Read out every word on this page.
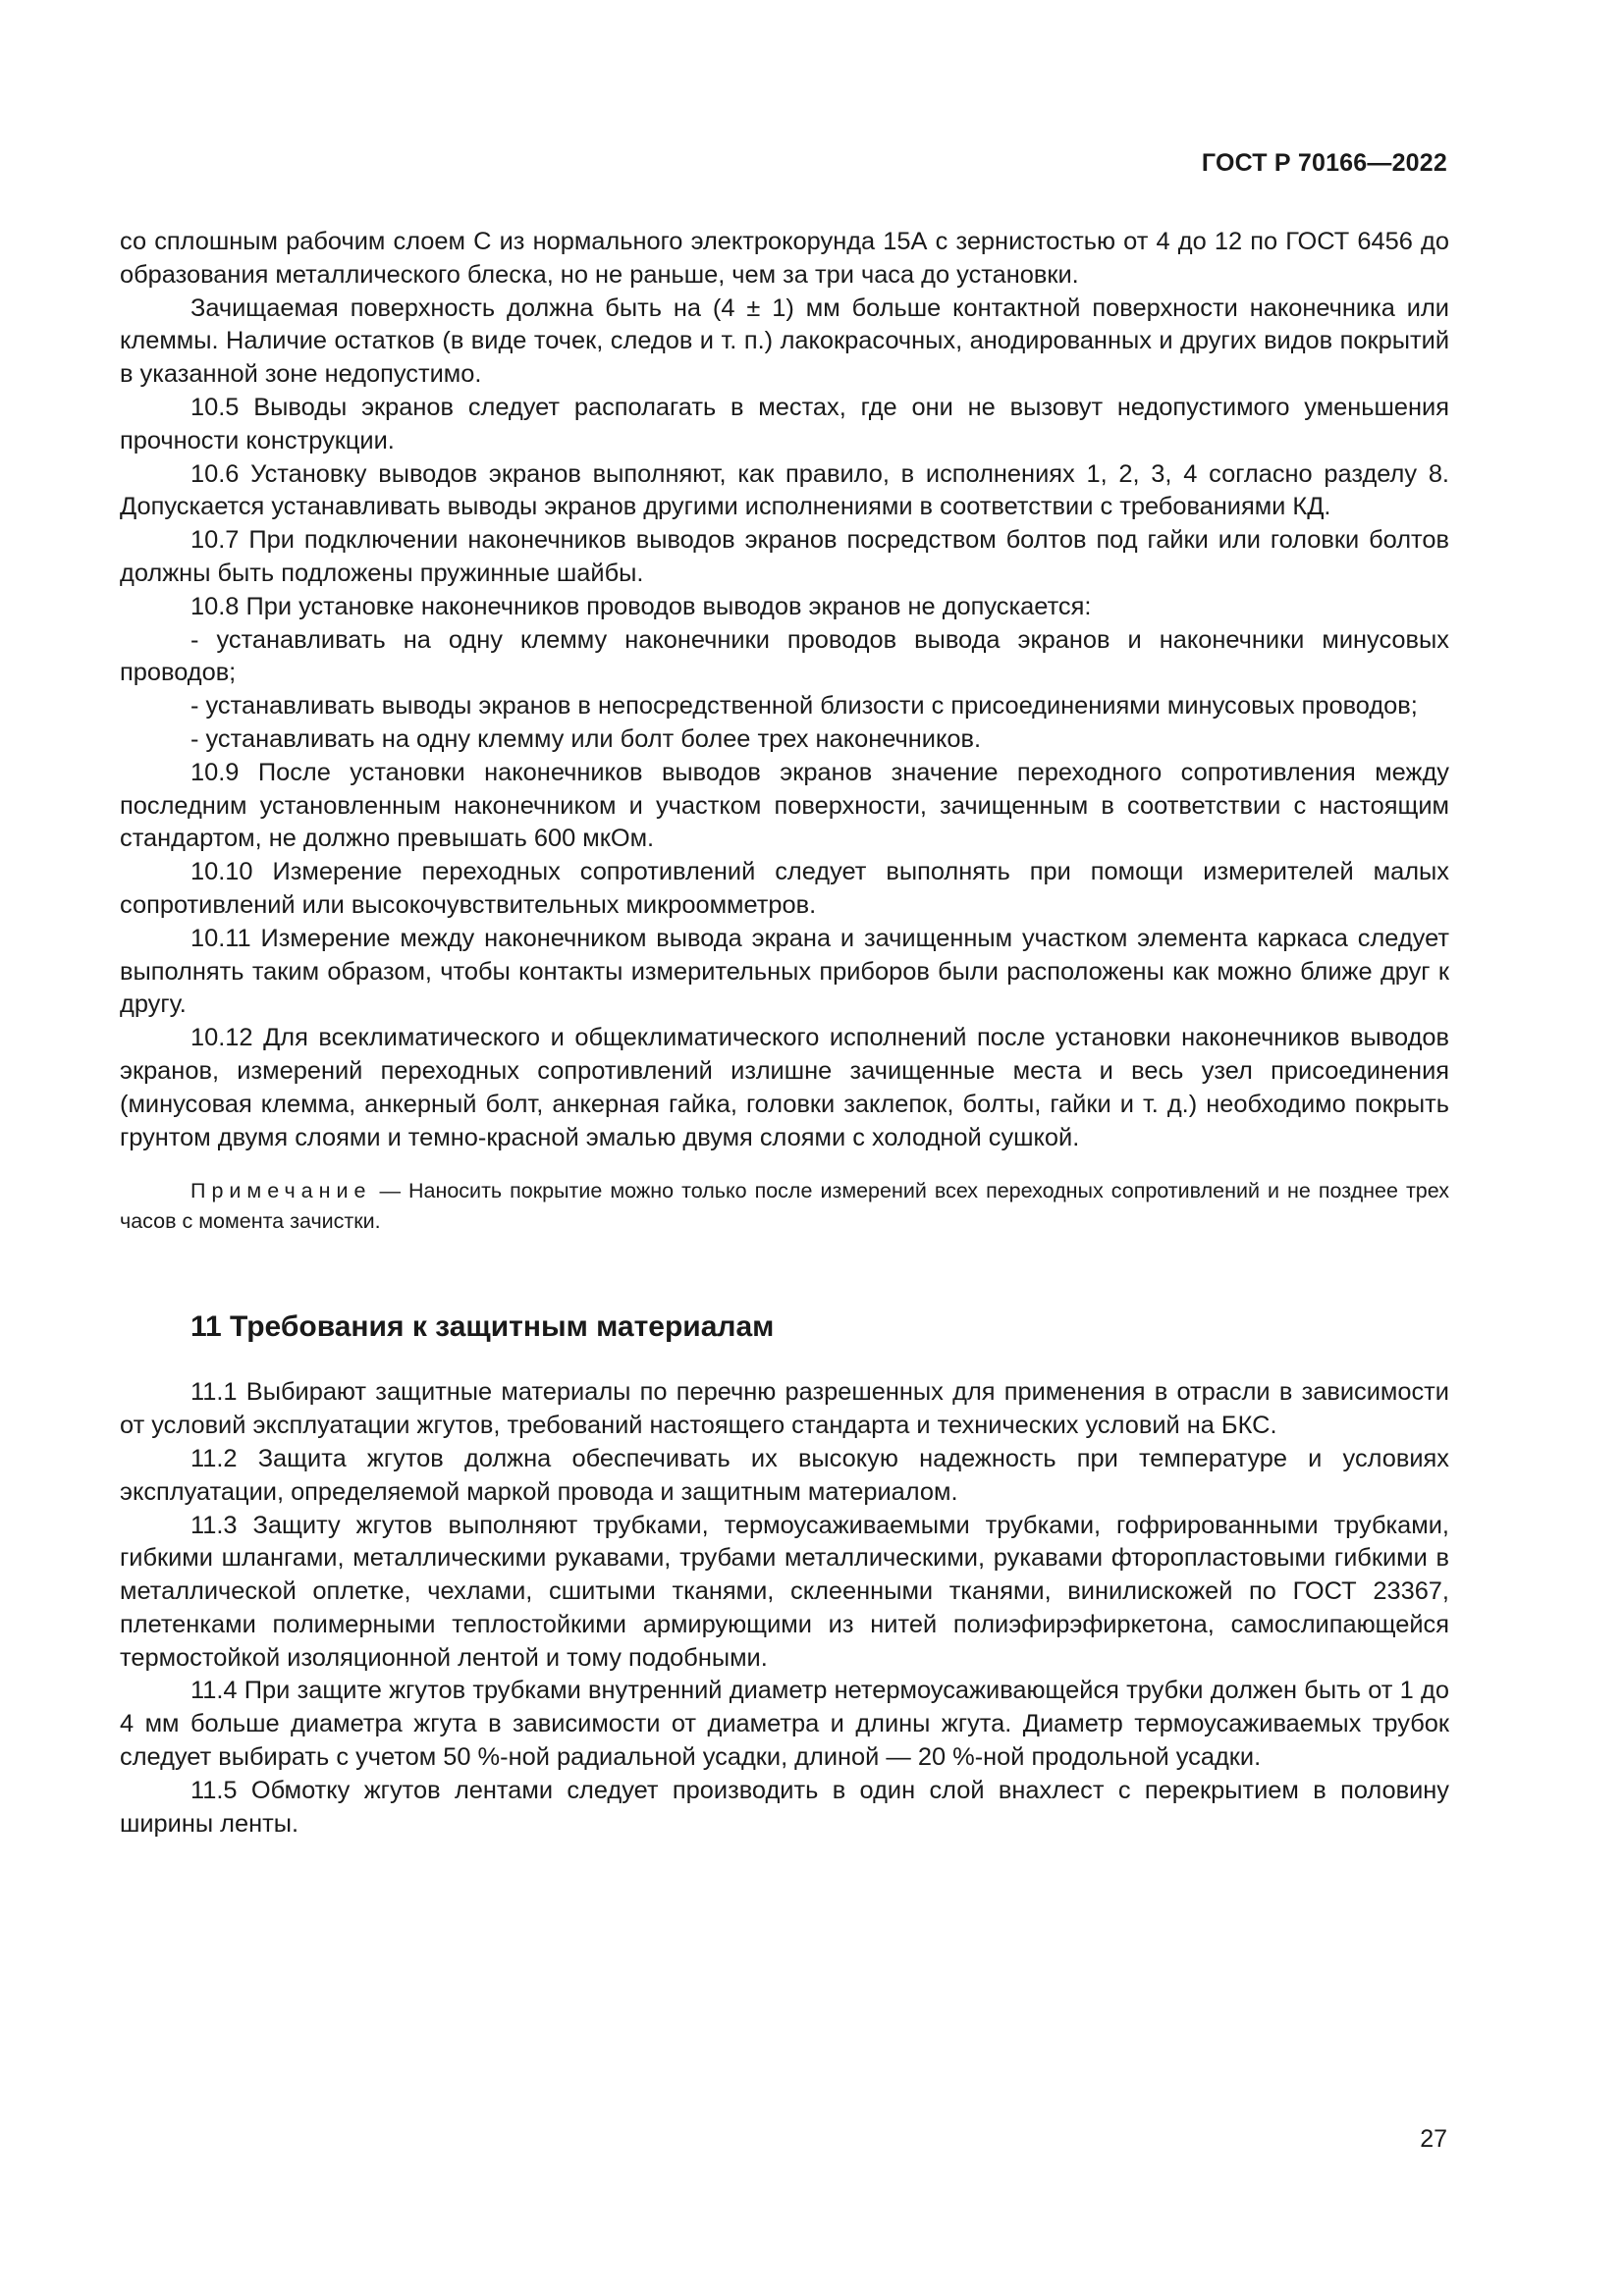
ГОСТ Р 70166—2022

со сплошным рабочим слоем С из нормального электрокорунда 15А с зернистостью от 4 до 12 по ГОСТ 6456 до образования металлического блеска, но не раньше, чем за три часа до установки.

Зачищаемая поверхность должна быть на (4 ± 1) мм больше контактной поверхности наконечника или клеммы. Наличие остатков (в виде точек, следов и т. п.) лакокрасочных, анодированных и других видов покрытий в указанной зоне недопустимо.

10.5 Выводы экранов следует располагать в местах, где они не вызовут недопустимого уменьшения прочности конструкции.

10.6 Установку выводов экранов выполняют, как правило, в исполнениях 1, 2, 3, 4 согласно разделу 8. Допускается устанавливать выводы экранов другими исполнениями в соответствии с требованиями КД.

10.7 При подключении наконечников выводов экранов посредством болтов под гайки или головки болтов должны быть подложены пружинные шайбы.

10.8 При установке наконечников проводов выводов экранов не допускается:

- устанавливать на одну клемму наконечники проводов вывода экранов и наконечники минусовых проводов;

- устанавливать выводы экранов в непосредственной близости с присоединениями минусовых проводов;

- устанавливать на одну клемму или болт более трех наконечников.

10.9 После установки наконечников выводов экранов значение переходного сопротивления между последним установленным наконечником и участком поверхности, зачищенным в соответствии с настоящим стандартом, не должно превышать 600 мкОм.

10.10 Измерение переходных сопротивлений следует выполнять при помощи измерителей малых сопротивлений или высокочувствительных микроомметров.

10.11 Измерение между наконечником вывода экрана и зачищенным участком элемента каркаса следует выполнять таким образом, чтобы контакты измерительных приборов были расположены как можно ближе друг к другу.

10.12 Для всеклиматического и общеклиматического исполнений после установки наконечников выводов экранов, измерений переходных сопротивлений излишне зачищенные места и весь узел присоединения (минусовая клемма, анкерный болт, анкерная гайка, головки заклепок, болты, гайки и т. д.) необходимо покрыть грунтом двумя слоями и темно-красной эмалью двумя слоями с холодной сушкой.

Примечание — Наносить покрытие можно только после измерений всех переходных сопротивлений и не позднее трех часов с момента зачистки.

11 Требования к защитным материалам

11.1 Выбирают защитные материалы по перечню разрешенных для применения в отрасли в зависимости от условий эксплуатации жгутов, требований настоящего стандарта и технических условий на БКС.

11.2 Защита жгутов должна обеспечивать их высокую надежность при температуре и условиях эксплуатации, определяемой маркой провода и защитным материалом.

11.3 Защиту жгутов выполняют трубками, термоусаживаемыми трубками, гофрированными трубками, гибкими шлангами, металлическими рукавами, трубами металлическими, рукавами фторопластовыми гибкими в металлической оплетке, чехлами, сшитыми тканями, склеенными тканями, винилискожей по ГОСТ 23367, плетенками полимерными теплостойкими армирующими из нитей полиэфирэфиркетона, самослипающейся термостойкой изоляционной лентой и тому подобными.

11.4 При защите жгутов трубками внутренний диаметр нетермоусаживающейся трубки должен быть от 1 до 4 мм больше диаметра жгута в зависимости от диаметра и длины жгута. Диаметр термоусаживаемых трубок следует выбирать с учетом 50 %-ной радиальной усадки, длиной — 20 %-ной продольной усадки.

11.5 Обмотку жгутов лентами следует производить в один слой внахлест с перекрытием в половину ширины ленты.

27
